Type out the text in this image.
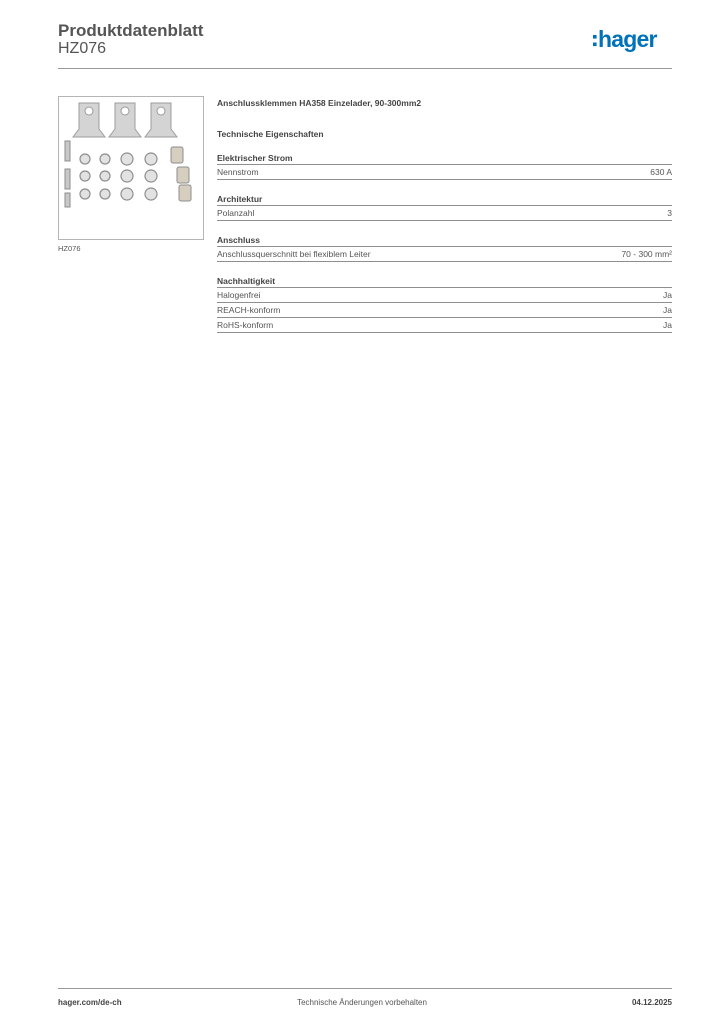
Produktdatenblatt
HZ076	hager
HZ076
Anschlussklemmen HA358 Einzelader, 90-300mm2
Technische Eigenschaften
Elektrischer Strom
Nennstrom	630 A
Architektur
Polanzahl	3
Anschluss
Anschlussquerschnitt bei flexiblem Leiter	70 - 300 mm²
Nachhaltigkeit
Halogenfrei	Ja
REACH-konform	Ja
RoHS-konform	Ja
hager.com/de-ch	Technische Änderungen vorbehalten	04.12.2025
